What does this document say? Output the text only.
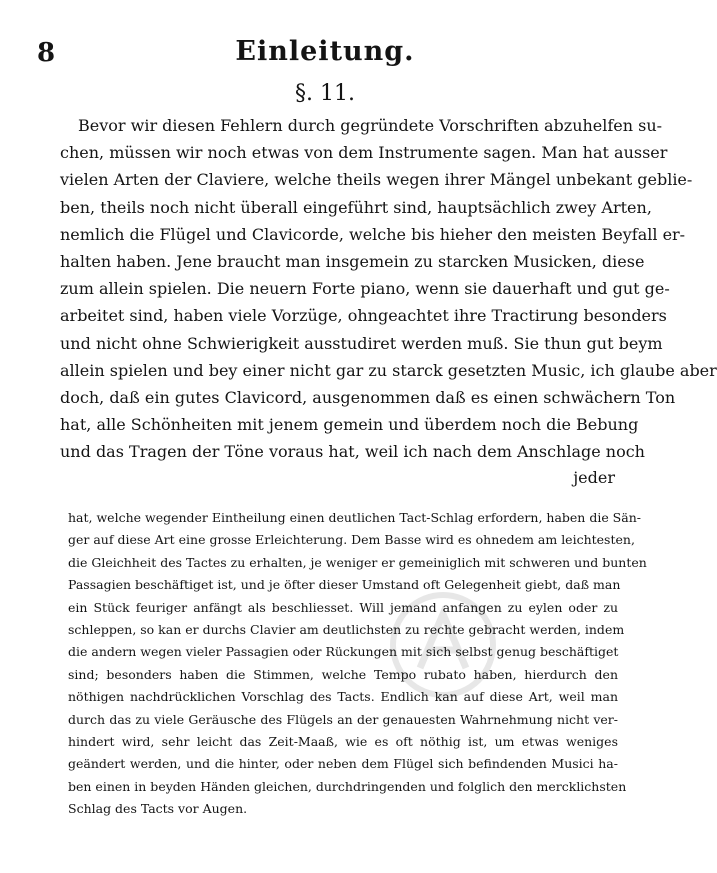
8	Einleitung.
§. 11.
Bevor wir diesen Fehlern durch gegründete Vorschriften abzuhelfen su-
chen, müssen wir noch etwas von dem Instrumente sagen. Man hat ausser
vielen Arten der Claviere, welche theils wegen ihrer Mängel unbekant geblie-
ben, theils noch nicht überall eingeführt sind, hauptsächlich zwey Arten,
nemlich die Flügel und Clavicorde, welche bis hieher den meisten Beyfall er-
halten haben. Jene braucht man insgemein zu starcken Musicken, diese
zum allein spielen. Die neuern Forte piano, wenn sie dauerhaft und gut ge-
arbeitet sind, haben viele Vorzüge, ohngeachtet ihre Tractirung besonders
und nicht ohne Schwierigkeit ausstudiret werden muß. Sie thun gut beym
allein spielen und bey einer nicht gar zu starck gesetzten Music, ich glaube aber
doch, daß ein gutes Clavicord, ausgenommen daß es einen schwächern Ton
hat, alle Schönheiten mit jenem gemein und überdem noch die Bebung
und das Tragen der Töne voraus hat, weil ich nach dem Anschlage noch
jeder
hat, welche wegender Eintheilung einen deutlichen Tact-Schlag erfordern, haben die Sän-
ger auf diese Art eine grosse Erleichterung. Dem Basse wird es ohnedem am leichtesten,
die Gleichheit des Tactes zu erhalten, je weniger er gemeiniglich mit schweren und bunten
Passagien beschäftiget ist, und je öfter dieser Umstand oft Gelegenheit giebt, daß man
ein Stück feuriger anfängt als beschliesset. Will jemand anfangen zu eylen oder zu
schleppen, so kan er durchs Clavier am deutlichsten zu rechte gebracht werden, indem
die andern wegen vieler Passagien oder Rückungen mit sich selbst genug beschäftiget
sind; besonders haben die Stimmen, welche Tempo rubato haben, hierdurch den
nöthigen nachdrücklichen Vorschlag des Tacts. Endlich kan auf diese Art, weil man
durch das zu viele Geräusche des Flügels an der genauesten Wahrnehmung nicht ver-
hindert wird, sehr leicht das Zeit-Maaß, wie es oft nöthig ist, um etwas weniges
geändert werden, und die hinter, oder neben dem Flügel sich befindenden Musici ha-
ben einen in beyden Händen gleichen, durchdringenden und folglich den mercklichsten
Schlag des Tacts vor Augen.
